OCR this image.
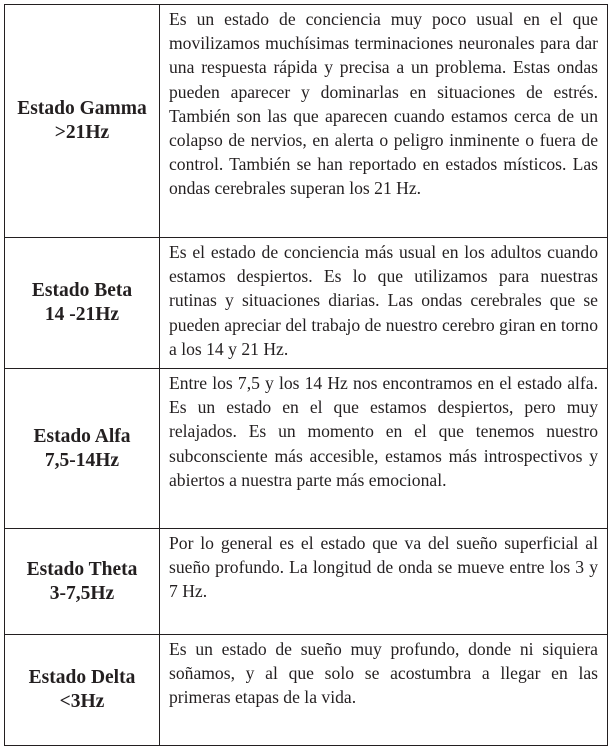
Estado Gamma
>21Hz	Es un estado de conciencia muy poco usual en el que movilizamos muchísimas terminaciones neuronales para dar una respuesta rápida y precisa a un problema. Estas ondas pueden aparecer y dominarlas en situaciones de estrés. También son las que aparecen cuando estamos cerca de un colapso de nervios, en alerta o peligro inminente o fuera de control. También se han reportado en estados místicos. Las ondas cerebrales superan los 21 Hz.

Estado Beta
14 -21Hz	Es el estado de conciencia más usual en los adultos cuando estamos despiertos. Es lo que utilizamos para nuestras rutinas y situaciones diarias. Las ondas cerebrales que se pueden apreciar del trabajo de nuestro cerebro giran en torno a los 14 y 21 Hz.

Estado Alfa
7,5-14Hz	Entre los 7,5 y los 14 Hz nos encontramos en el estado alfa. Es un estado en el que estamos despiertos, pero muy relajados. Es un momento en el que tenemos nuestro subconsciente más accesible, estamos más introspectivos y abiertos a nuestra parte más emocional.

Estado Theta
3-7,5Hz	Por lo general es el estado que va del sueño superficial al sueño profundo. La longitud de onda se mueve entre los 3 y 7 Hz.

Estado Delta
<3Hz	Es un estado de sueño muy profundo, donde ni siquiera soñamos, y al que solo se acostumbra a llegar en las primeras etapas de la vida.
